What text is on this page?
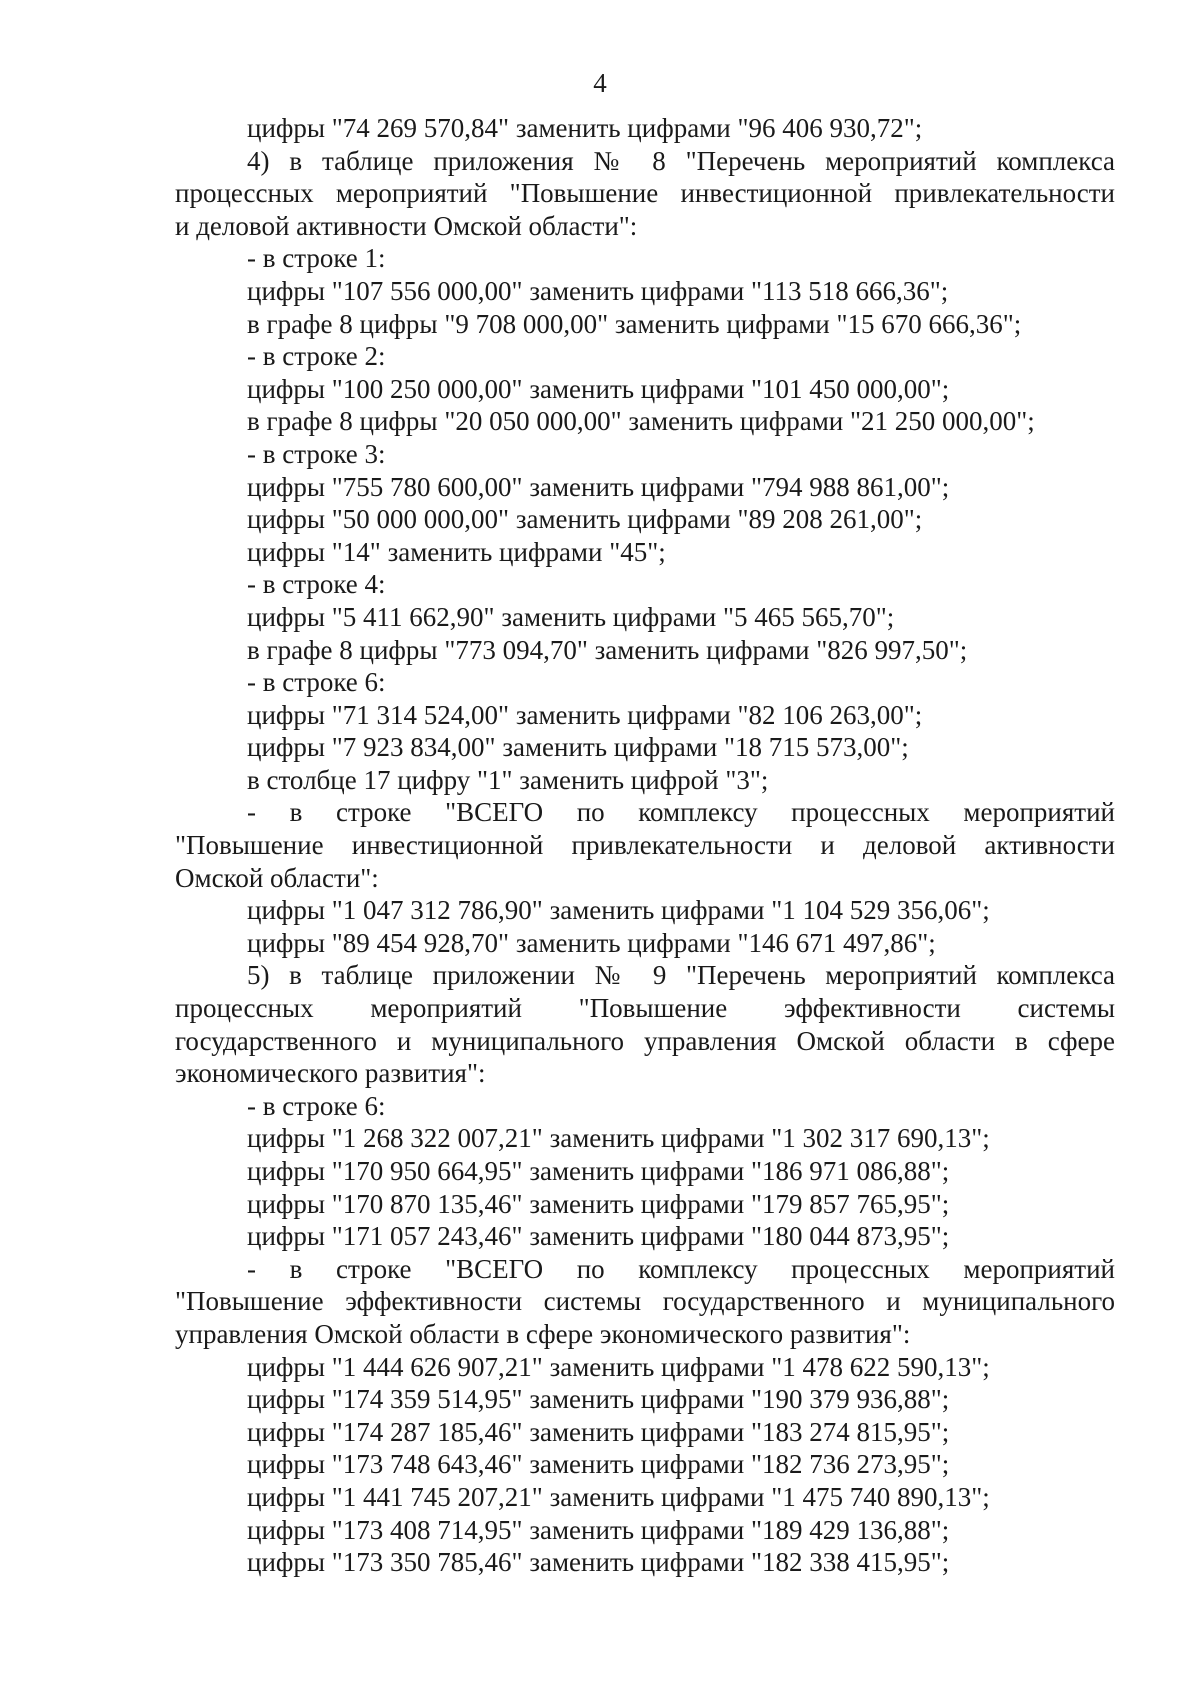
4
цифры "74 269 570,84" заменить цифрами "96 406 930,72";
4) в таблице приложения № 8 "Перечень мероприятий комплекса
процессных мероприятий "Повышение инвестиционной привлекательности
и деловой активности Омской области":
- в строке 1:
цифры "107 556 000,00" заменить цифрами "113 518 666,36";
в графе 8 цифры "9 708 000,00" заменить цифрами "15 670 666,36";
- в строке 2:
цифры "100 250 000,00" заменить цифрами "101 450 000,00";
в графе 8 цифры "20 050 000,00" заменить цифрами "21 250 000,00";
- в строке 3:
цифры "755 780 600,00" заменить цифрами "794 988 861,00";
цифры "50 000 000,00" заменить цифрами "89 208 261,00";
цифры "14" заменить цифрами "45";
- в строке 4:
цифры "5 411 662,90" заменить цифрами "5 465 565,70";
в графе 8 цифры "773 094,70" заменить цифрами "826 997,50";
- в строке 6:
цифры "71 314 524,00" заменить цифрами "82 106 263,00";
цифры "7 923 834,00" заменить цифрами "18 715 573,00";
в столбце 17 цифру "1" заменить цифрой "3";
- в строке "ВСЕГО по комплексу процессных мероприятий
"Повышение инвестиционной привлекательности и деловой активности
Омской области":
цифры "1 047 312 786,90" заменить цифрами "1 104 529 356,06";
цифры "89 454 928,70" заменить цифрами "146 671 497,86";
5) в таблице приложении № 9 "Перечень мероприятий комплекса
процессных мероприятий "Повышение эффективности системы
государственного и муниципального управления Омской области в сфере
экономического развития":
- в строке 6:
цифры "1 268 322 007,21" заменить цифрами "1 302 317 690,13";
цифры "170 950 664,95" заменить цифрами "186 971 086,88";
цифры "170 870 135,46" заменить цифрами "179 857 765,95";
цифры "171 057 243,46" заменить цифрами "180 044 873,95";
- в строке "ВСЕГО по комплексу процессных мероприятий
"Повышение эффективности системы государственного и муниципального
управления Омской области в сфере экономического развития":
цифры "1 444 626 907,21" заменить цифрами "1 478 622 590,13";
цифры "174 359 514,95" заменить цифрами "190 379 936,88";
цифры "174 287 185,46" заменить цифрами "183 274 815,95";
цифры "173 748 643,46" заменить цифрами "182 736 273,95";
цифры "1 441 745 207,21" заменить цифрами "1 475 740 890,13";
цифры "173 408 714,95" заменить цифрами "189 429 136,88";
цифры "173 350 785,46" заменить цифрами "182 338 415,95";
